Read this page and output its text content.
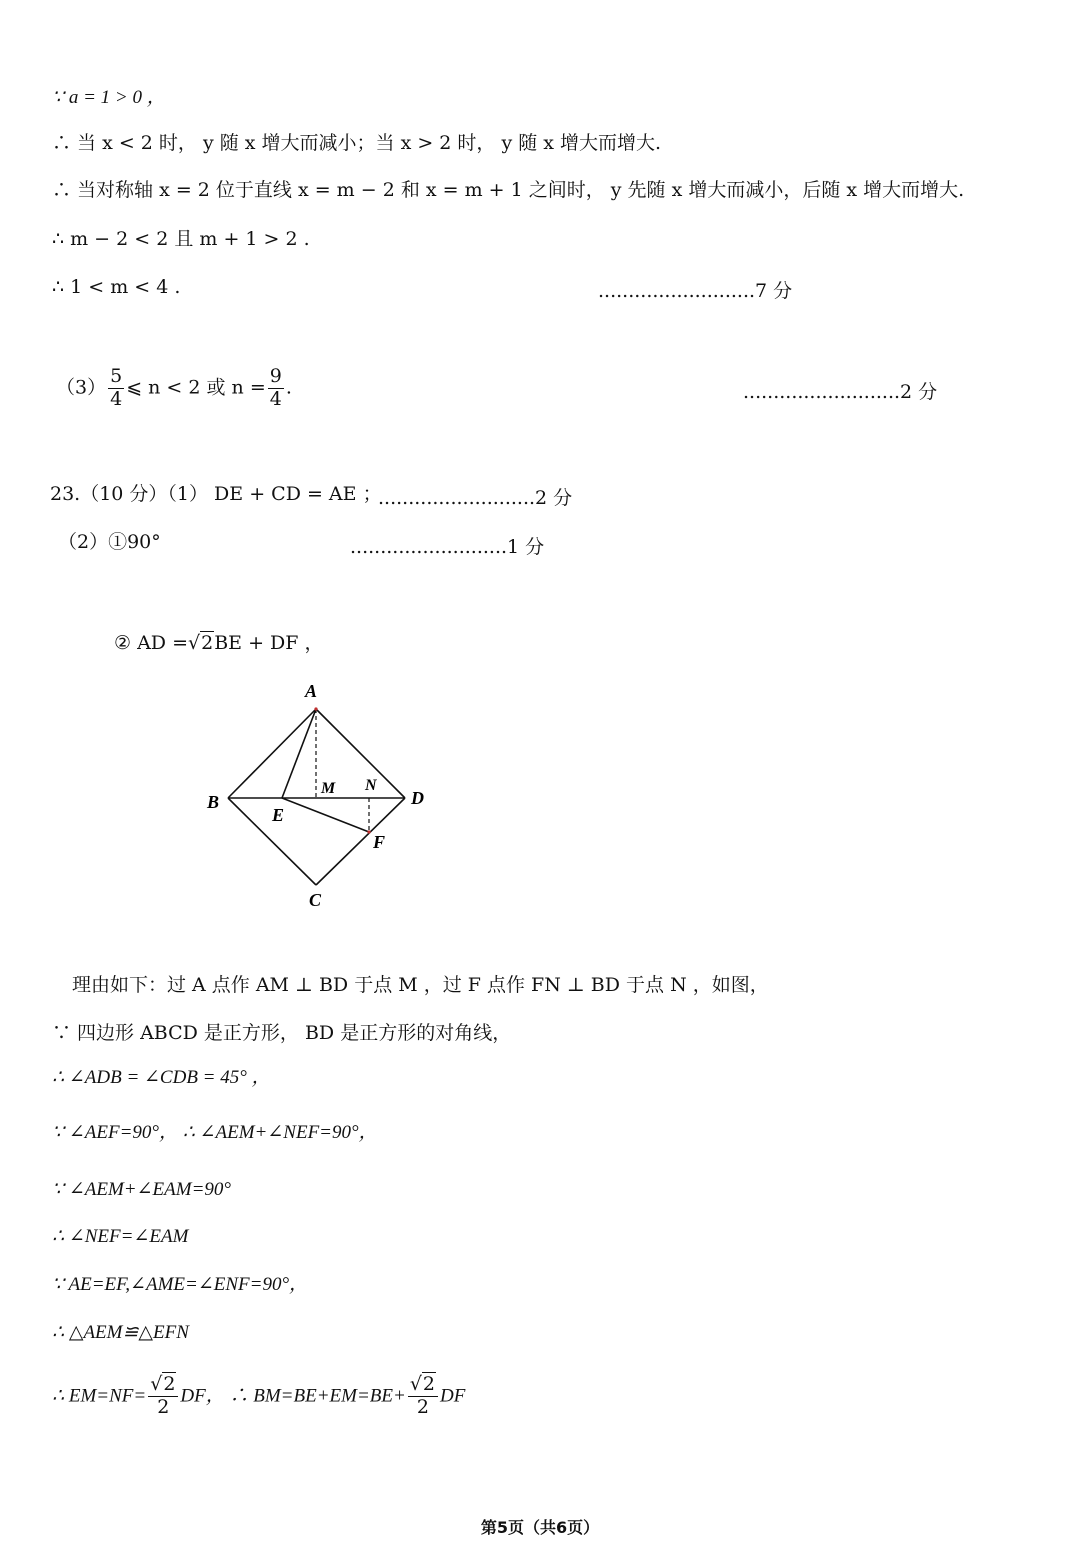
∵ a = 1 > 0 ，
∴ 当 x < 2 时， y 随 x 增大而减小；当 x > 2 时， y 随 x 增大而增大.
∴ 当对称轴 x = 2 位于直线 x = m − 2 和 x = m + 1 之间时， y 先随 x 增大而减小，后随 x 增大而增大.
∴ m − 2 < 2 且 m + 1 > 2 .
∴ 1 < m < 4 .	..........................7 分
$(3) \frac{5}{4}$ ⩽ n < 2 或 $n = \frac{9}{4}$ .	..........................2 分
23.（10 分）（1） DE + CD = AE ；
..........................2 分
（2）①90°	..........................1 分
② AD =√2BE + DF ，
A
B
C
D
E
F
M N
理由如下：过 A 点作 AM ⊥ BD 于点 M ，过 F 点作 FN ⊥ BD 于点 N ，如图，
∵ 四边形 ABCD 是正方形， BD 是正方形的对角线，
∴ ∠ADB = ∠CDB = 45° ，
∵ ∠AEF=90°， ∴ ∠AEM+∠NEF=90°，
∵ ∠AEM+∠EAM=90°
∴ ∠NEF=∠EAM
∵ AE=EF,∠AME=∠ENF=90°，
∴ △AEM≌△EFN
∴ $EM=NF= \frac{√2}{2}$ DF， ∴ $BM=BE+EM=BE+ \frac{√2}{2}$ DF
第5页（共6页）
